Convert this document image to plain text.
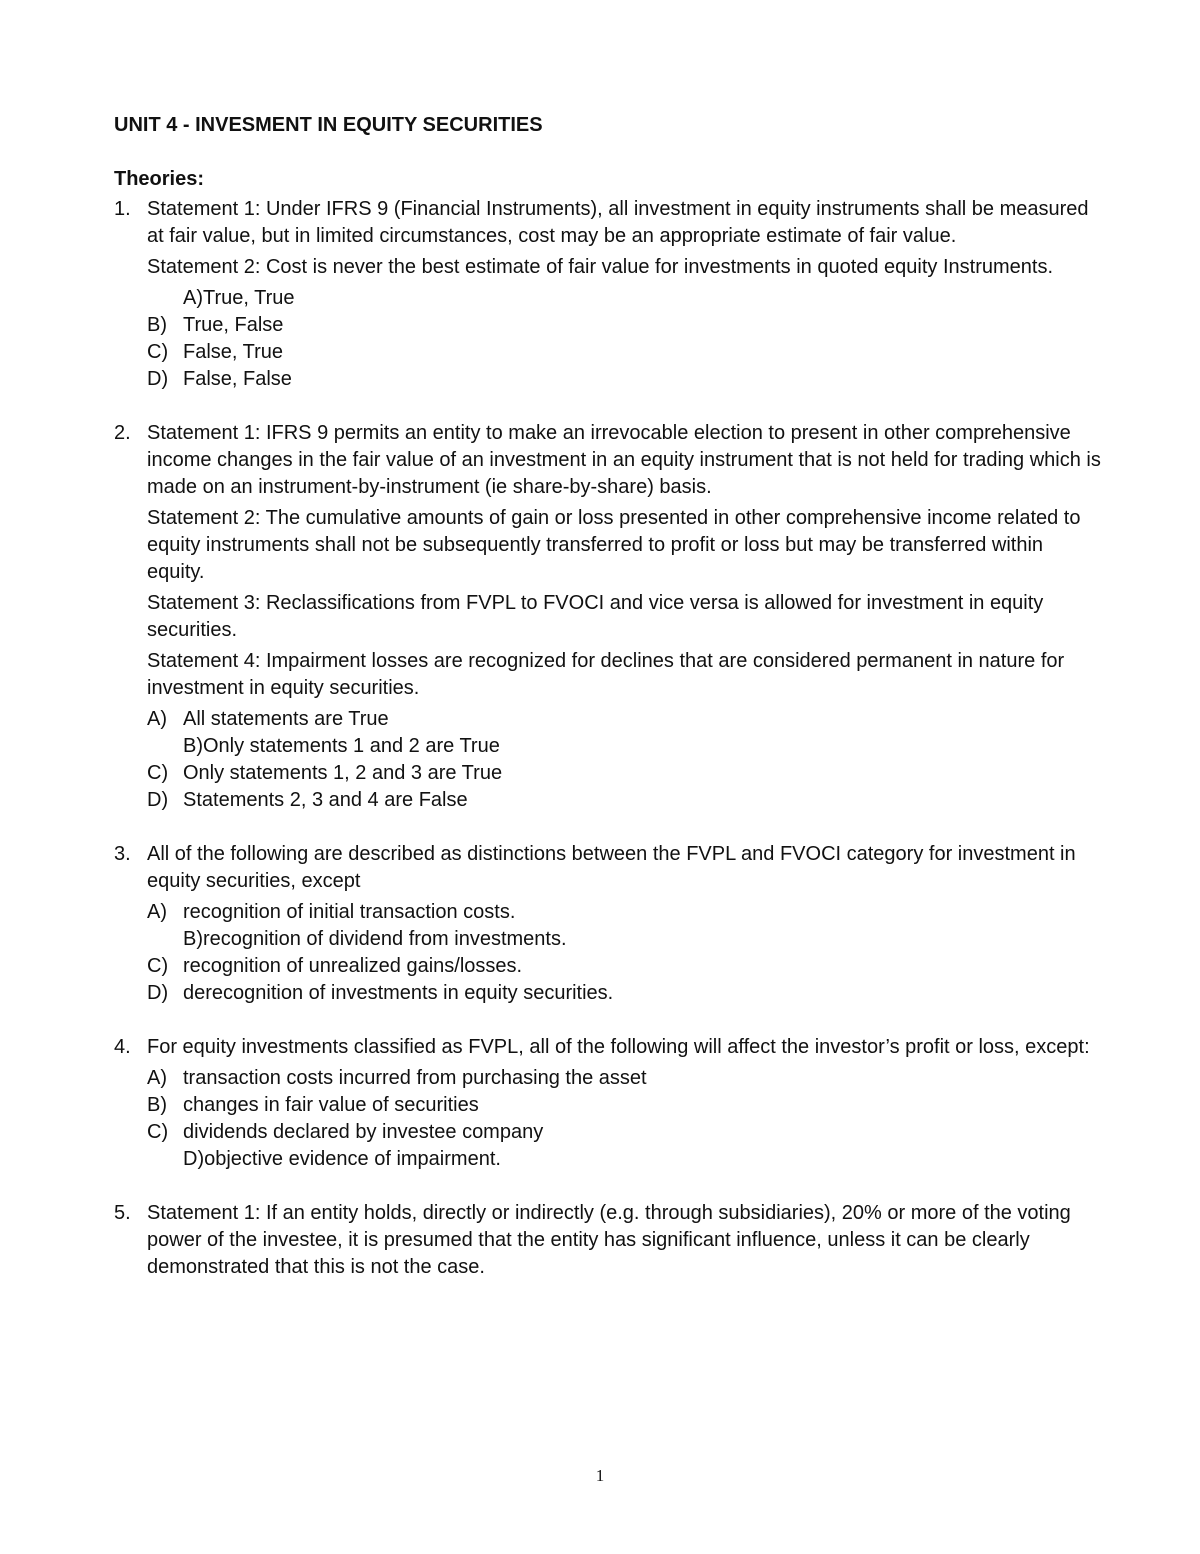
UNIT 4 - INVESMENT IN EQUITY SECURITIES
Theories:
1. Statement 1: Under IFRS 9 (Financial Instruments), all investment in equity instruments shall be measured at fair value, but in limited circumstances, cost may be an appropriate estimate of fair value.

Statement 2: Cost is never the best estimate of fair value for investments in quoted equity Instruments.

A)True, True
B) True, False
C) False, True
D) False, False
2. Statement 1: IFRS 9 permits an entity to make an irrevocable election to present in other comprehensive income changes in the fair value of an investment in an equity instrument that is not held for trading which is made on an instrument-by-instrument (ie share-by-share) basis.

Statement 2: The cumulative amounts of gain or loss presented in other comprehensive income related to equity instruments shall not be subsequently transferred to profit or loss but may be transferred within equity.

Statement 3: Reclassifications from FVPL to FVOCI and vice versa is allowed for investment in equity securities.

Statement 4: Impairment losses are recognized for declines that are considered permanent in nature for investment in equity securities.

A) All statements are True
B)Only statements 1 and 2 are True
C) Only statements 1, 2 and 3 are True
D) Statements 2, 3 and 4 are False
3. All of the following are described as distinctions between the FVPL and FVOCI category for investment in equity securities, except

A) recognition of initial transaction costs.
B)recognition of dividend from investments.
C) recognition of unrealized gains/losses.
D) derecognition of investments in equity securities.
4. For equity investments classified as FVPL, all of the following will affect the investor’s profit or loss, except:

A) transaction costs incurred from purchasing the asset
B) changes in fair value of securities
C) dividends declared by investee company
D)objective evidence of impairment.
5. Statement 1: If an entity holds, directly or indirectly (e.g. through subsidiaries), 20% or more of the voting power of the investee, it is presumed that the entity has significant influence, unless it can be clearly demonstrated that this is not the case.

1
